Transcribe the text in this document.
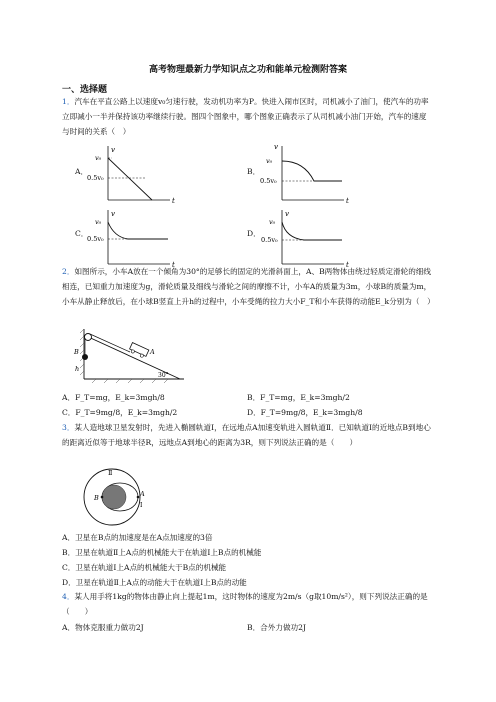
高考物理最新力学知识点之功和能单元检测附答案
一、选择题
1．汽车在平直公路上以速度v₀匀速行驶，发动机功率为P。快进入闹市区时，司机减小了油门，使汽车的功率立即减小一半并保持该功率继续行驶。图四个图象中，哪个图象正确表示了从司机减小油门开始，汽车的速度与时间的关系（　）
A．	B．
C．	D．
v
v₀
0.5v₀
t
v
v₀
0.5v₀
t
v
v₀
0.5v₀
t
v
v₀
0.5v₀
t
2．如图所示，小车A放在一个倾角为30°的足够长的固定的光滑斜面上，A、B两物体由绕过轻质定滑轮的细线相连，已知重力加速度为g，滑轮质量及细线与滑轮之间的摩擦不计，小车A的质量为3m，小球B的质量为m，小车从静止释放后，在小球B竖直上升h的过程中，小车受绳的拉力大小F_T和小车获得的动能E_k分别为（　）
B
h
A
30°
A．F_T=mg，E_k=3mgh/8	B．F_T=mg，E_k=3mgh/2
C．F_T=9mg/8，E_k=3mgh/2	D．F_T=9mg/8，E_k=3mgh/8
3．某人造地球卫星发射时，先进入椭圆轨道Ⅰ，在远地点A加速变轨进入圆轨道Ⅱ．已知轨道Ⅰ的近地点B到地心的距离近似等于地球半径R，远地点A到地心的距离为3R，则下列说法正确的是（　　）
Ⅱ
B	A
Ⅰ
A．卫星在B点的加速度是在A点加速度的3倍
B．卫星在轨道Ⅱ上A点的机械能大于在轨道Ⅰ上B点的机械能
C．卫星在轨道Ⅰ上A点的机械能大于B点的机械能
D．卫星在轨道Ⅱ上A点的动能大于在轨道Ⅰ上B点的动能
4．某人用手将1kg的物体由静止向上提起1m，这时物体的速度为2m/s（g取10m/s²），则下列说法正确的是（　　）
A．物体克服重力做功2J	B．合外力做功2J
